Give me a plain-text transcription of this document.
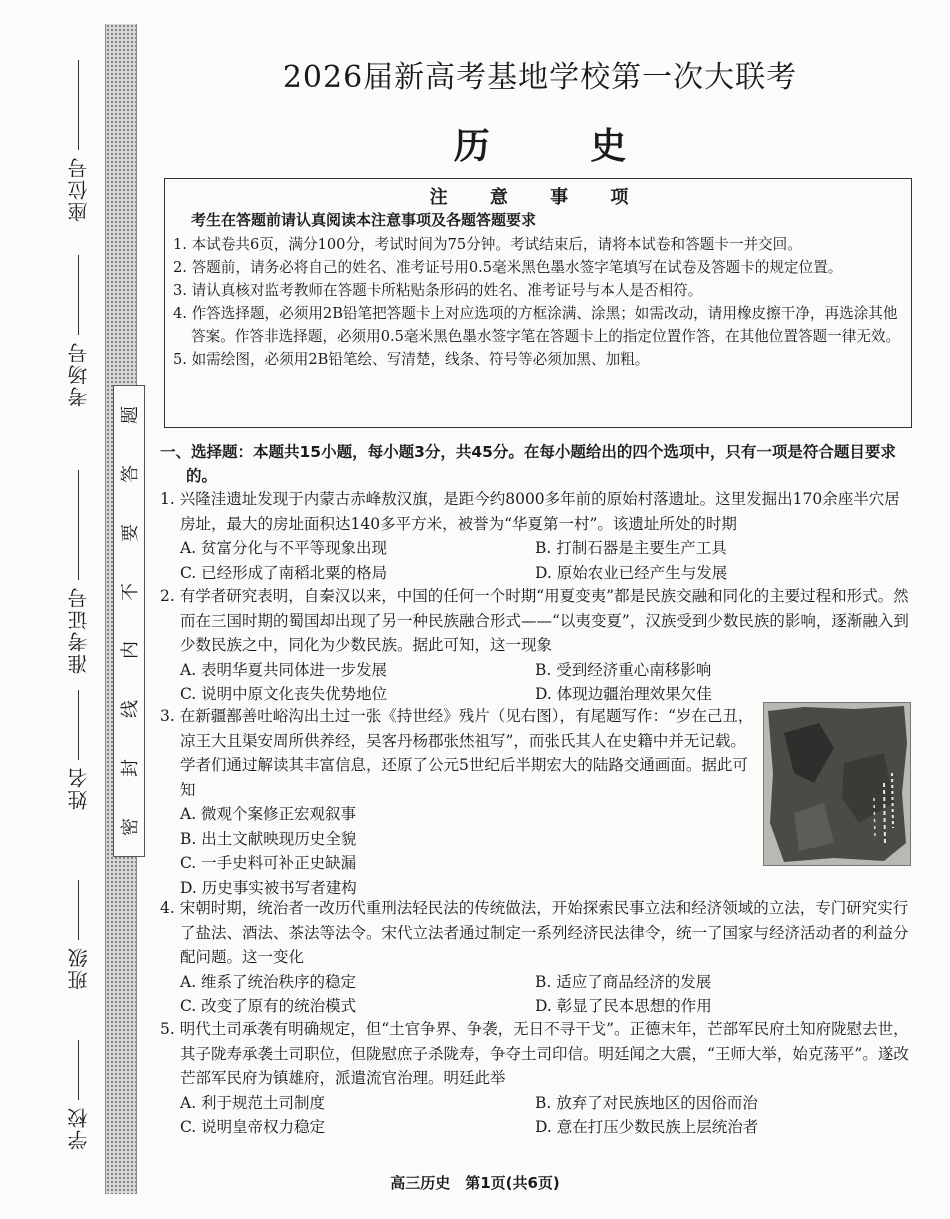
座位号
考场号
准考证号
姓名
班级
学校
题
答
要
不
内
线
封
密
2026届新高考基地学校第一次大联考
历 史
注 意 事 项
考生在答题前请认真阅读本注意事项及各题答题要求
1. 本试卷共6页，满分100分，考试时间为75分钟。考试结束后，请将本试卷和答题卡一并交回。
2. 答题前，请务必将自己的姓名、准考证号用0.5毫米黑色墨水签字笔填写在试卷及答题卡的规定位置。
3. 请认真核对监考教师在答题卡所粘贴条形码的姓名、准考证号与本人是否相符。
4. 作答选择题，必须用2B铅笔把答题卡上对应选项的方框涂满、涂黑；如需改动，请用橡皮擦干净，再选涂其他答案。作答非选择题，必须用0.5毫米黑色墨水签字笔在答题卡上的指定位置作答，在其他位置答题一律无效。
5. 如需绘图，必须用2B铅笔绘、写清楚，线条、符号等必须加黑、加粗。
一、选择题：本题共15小题，每小题3分，共45分。在每小题给出的四个选项中，只有一项是符合题目要求的。
1. 兴隆洼遗址发现于内蒙古赤峰敖汉旗，是距今约8000多年前的原始村落遗址。这里发掘出170余座半穴居房址，最大的房址面积达140多平方米，被誉为“华夏第一村”。该遗址所处的时期
A. 贫富分化与不平等现象出现	B. 打制石器是主要生产工具
C. 已经形成了南稻北粟的格局	D. 原始农业已经产生与发展
2. 有学者研究表明，自秦汉以来，中国的任何一个时期“用夏变夷”都是民族交融和同化的主要过程和形式。然而在三国时期的蜀国却出现了另一种民族融合形式——“以夷变夏”，汉族受到少数民族的影响，逐渐融入到少数民族之中，同化为少数民族。据此可知，这一现象
A. 表明华夏共同体进一步发展	B. 受到经济重心南移影响
C. 说明中原文化丧失优势地位	D. 体现边疆治理效果欠佳
3. 在新疆鄯善吐峪沟出土过一张《持世经》残片（见右图），有尾题写作：“岁在己丑，凉王大且渠安周所供养经，吴客丹杨郡张烋祖写”，而张氏其人在史籍中并无记载。学者们通过解读其丰富信息，还原了公元5世纪后半期宏大的陆路交通画面。据此可知
A. 微观个案修正宏观叙事
B. 出土文献映现历史全貌
C. 一手史料可补正史缺漏
D. 历史事实被书写者建构
4. 宋朝时期，统治者一改历代重刑法轻民法的传统做法，开始探索民事立法和经济领域的立法，专门研究实行了盐法、酒法、茶法等法令。宋代立法者通过制定一系列经济民法律令，统一了国家与经济活动者的利益分配问题。这一变化
A. 维系了统治秩序的稳定	B. 适应了商品经济的发展
C. 改变了原有的统治模式	D. 彰显了民本思想的作用
5. 明代土司承袭有明确规定，但“土官争界、争袭，无日不寻干戈”。正德末年，芒部军民府土知府陇慰去世，其子陇寿承袭土司职位，但陇慰庶子杀陇寿，争夺土司印信。明廷闻之大震，“王师大举，始克荡平”。遂改芒部军民府为镇雄府，派遣流官治理。明廷此举
A. 利于规范土司制度	B. 放弃了对民族地区的因俗而治
C. 说明皇帝权力稳定	D. 意在打压少数民族上层统治者
高三历史　第1页(共6页)
